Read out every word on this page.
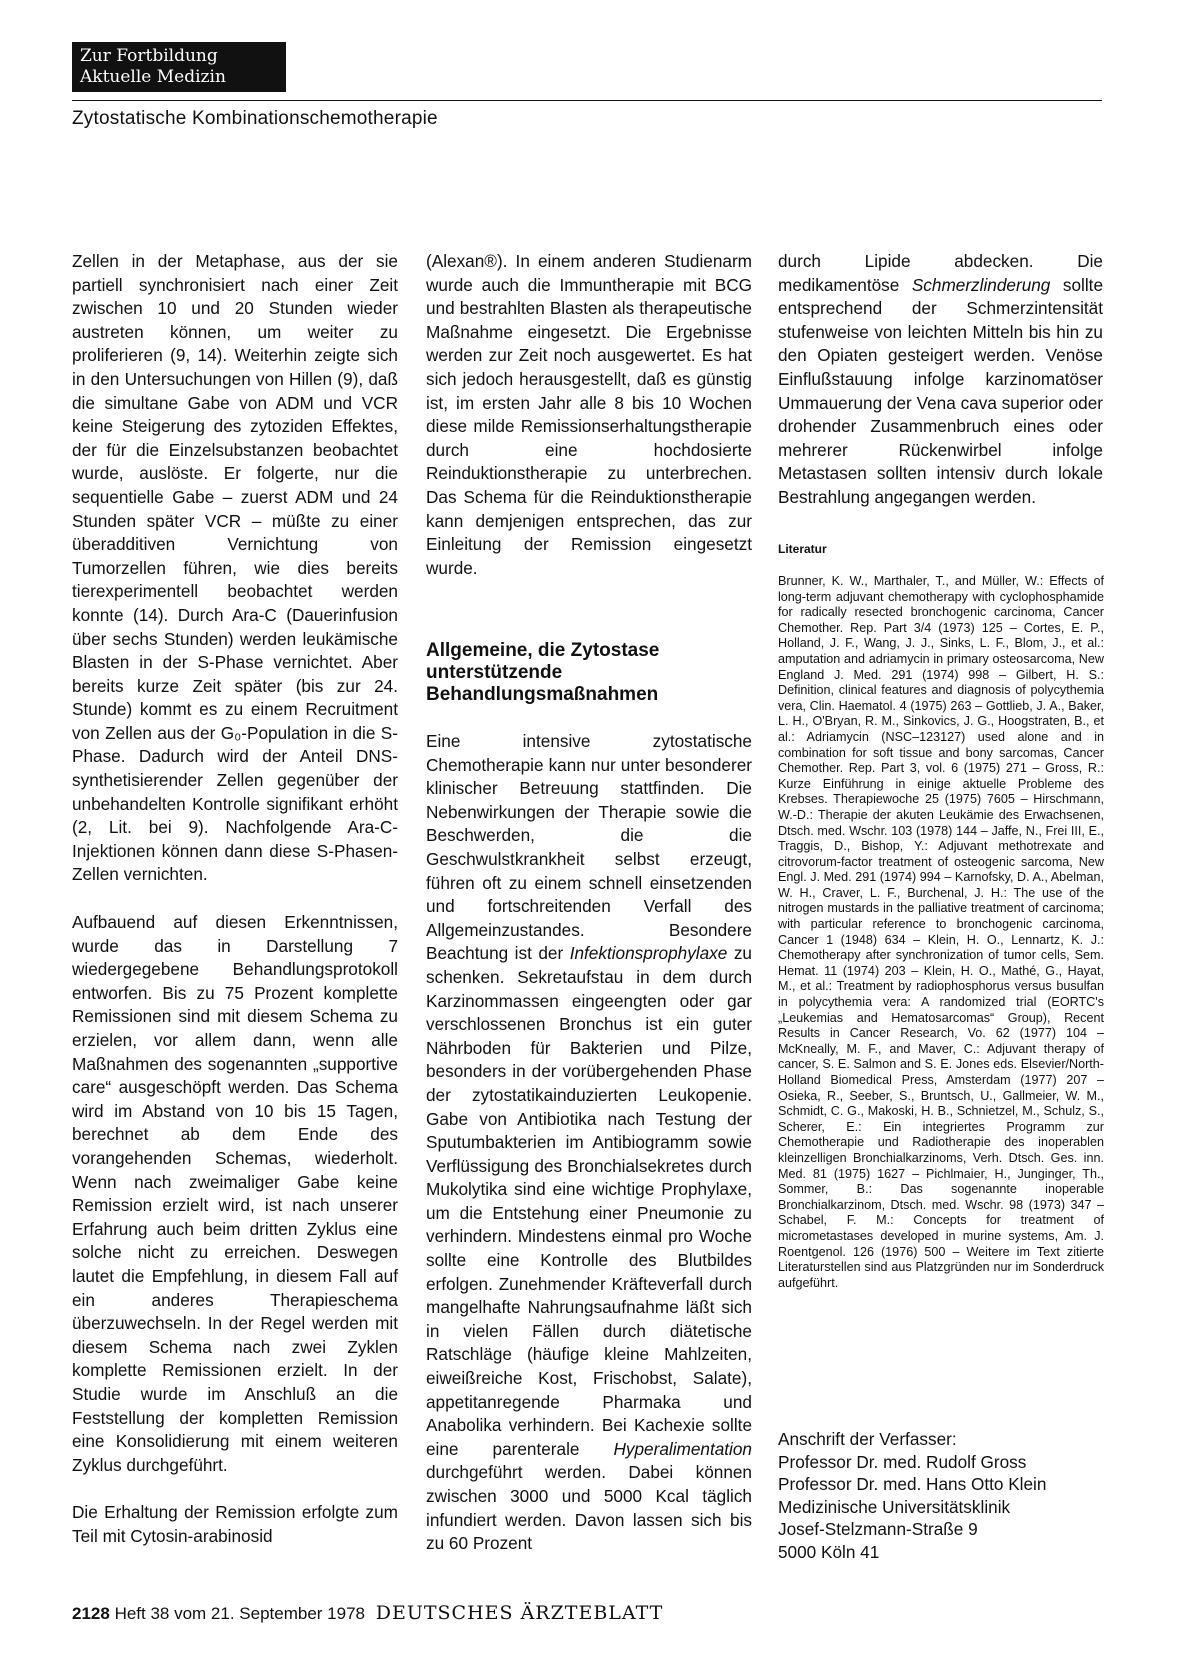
Zur Fortbildung
Aktuelle Medizin
Zytostatische Kombinationschemotherapie

Zellen in der Metaphase, aus der sie partiell synchronisiert nach einer Zeit zwischen 10 und 20 Stunden wieder austreten können, um weiter zu proliferieren (9, 14). Weiterhin zeigte sich in den Untersuchungen von Hillen (9), daß die simultane Gabe von ADM und VCR keine Steigerung des zytoziden Effektes, der für die Einzelsubstanzen beobachtet wurde, auslöste. Er folgerte, nur die sequentielle Gabe – zuerst ADM und 24 Stunden später VCR – müßte zu einer überadditiven Vernichtung von Tumorzellen führen, wie dies bereits tierexperimentell beobachtet werden konnte (14). Durch Ara-C (Dauerinfusion über sechs Stunden) werden leukämische Blasten in der S-Phase vernichtet. Aber bereits kurze Zeit später (bis zur 24. Stunde) kommt es zu einem Recruitment von Zellen aus der G₀-Population in die S-Phase. Dadurch wird der Anteil DNS-synthetisierender Zellen gegenüber der unbehandelten Kontrolle signifikant erhöht (2, Lit. bei 9). Nachfolgende Ara-C-Injektionen können dann diese S-Phasen-Zellen vernichten.

Aufbauend auf diesen Erkenntnissen, wurde das in Darstellung 7 wiedergegebene Behandlungsprotokoll entworfen. Bis zu 75 Prozent komplette Remissionen sind mit diesem Schema zu erzielen, vor allem dann, wenn alle Maßnahmen des sogenannten „supportive care“ ausgeschöpft werden. Das Schema wird im Abstand von 10 bis 15 Tagen, berechnet ab dem Ende des vorangehenden Schemas, wiederholt. Wenn nach zweimaliger Gabe keine Remission erzielt wird, ist nach unserer Erfahrung auch beim dritten Zyklus eine solche nicht zu erreichen. Deswegen lautet die Empfehlung, in diesem Fall auf ein anderes Therapieschema überzuwechseln. In der Regel werden mit diesem Schema nach zwei Zyklen komplette Remissionen erzielt. In der Studie wurde im Anschluß an die Feststellung der kompletten Remission eine Konsolidierung mit einem weiteren Zyklus durchgeführt.

Die Erhaltung der Remission erfolgte zum Teil mit Cytosin-arabinosid

(Alexan®). In einem anderen Studienarm wurde auch die Immuntherapie mit BCG und bestrahlten Blasten als therapeutische Maßnahme eingesetzt. Die Ergebnisse werden zur Zeit noch ausgewertet. Es hat sich jedoch herausgestellt, daß es günstig ist, im ersten Jahr alle 8 bis 10 Wochen diese milde Remissionserhaltungstherapie durch eine hochdosierte Reinduktionstherapie zu unterbrechen. Das Schema für die Reinduktionstherapie kann demjenigen entsprechen, das zur Einleitung der Remission eingesetzt wurde.

Allgemeine, die Zytostase unterstützende Behandlungsmaßnahmen
Eine intensive zytostatische Chemotherapie kann nur unter besonderer klinischer Betreuung stattfinden. Die Nebenwirkungen der Therapie sowie die Beschwerden, die die Geschwulstkrankheit selbst erzeugt, führen oft zu einem schnell einsetzenden und fortschreitenden Verfall des Allgemeinzustandes. Besondere Beachtung ist der Infektionsprophylaxe zu schenken. Sekretaufstau in dem durch Karzinommassen eingeengten oder gar verschlossenen Bronchus ist ein guter Nährboden für Bakterien und Pilze, besonders in der vorübergehenden Phase der zytostatikainduzierten Leukopenie. Gabe von Antibiotika nach Testung der Sputumbakterien im Antibiogramm sowie Verflüssigung des Bronchialsekretes durch Mukolytika sind eine wichtige Prophylaxe, um die Entstehung einer Pneumonie zu verhindern. Mindestens einmal pro Woche sollte eine Kontrolle des Blutbildes erfolgen. Zunehmender Kräfteverfall durch mangelhafte Nahrungsaufnahme läßt sich in vielen Fällen durch diätetische Ratschläge (häufige kleine Mahlzeiten, eiweißreiche Kost, Frischobst, Salate), appetitanregende Pharmaka und Anabolika verhindern. Bei Kachexie sollte eine parenterale Hyperalimentation durchgeführt werden. Dabei können zwischen 3000 und 5000 Kcal täglich infundiert werden. Davon lassen sich bis zu 60 Prozent

durch Lipide abdecken. Die medikamentöse Schmerzlinderung sollte entsprechend der Schmerzintensität stufenweise von leichten Mitteln bis hin zu den Opiaten gesteigert werden. Venöse Einflußstauung infolge karzinomatöser Ummauerung der Vena cava superior oder drohender Zusammenbruch eines oder mehrerer Rückenwirbel infolge Metastasen sollten intensiv durch lokale Bestrahlung angegangen werden.

Literatur
Brunner, K. W., Marthaler, T., and Müller, W.: Effects of long-term adjuvant chemotherapy with cyclophosphamide for radically resected bronchogenic carcinoma, Cancer Chemother. Rep. Part 3/4 (1973) 125 – Cortes, E. P., Holland, J. F., Wang, J. J., Sinks, L. F., Blom, J., et al.: amputation and adriamycin in primary osteosarcoma, New England J. Med. 291 (1974) 998 – Gilbert, H. S.: Definition, clinical features and diagnosis of polycythemia vera, Clin. Haematol. 4 (1975) 263 – Gottlieb, J. A., Baker, L. H., O'Bryan, R. M., Sinkovics, J. G., Hoogstraten, B., et al.: Adriamycin (NSC–123127) used alone and in combination for soft tissue and bony sarcomas, Cancer Chemother. Rep. Part 3, vol. 6 (1975) 271 – Gross, R.: Kurze Einführung in einige aktuelle Probleme des Krebses. Therapiewoche 25 (1975) 7605 – Hirschmann, W.-D.: Therapie der akuten Leukämie des Erwachsenen, Dtsch. med. Wschr. 103 (1978) 144 – Jaffe, N., Frei III, E., Traggis, D., Bishop, Y.: Adjuvant methotrexate and citrovorum-factor treatment of osteogenic sarcoma, New Engl. J. Med. 291 (1974) 994 – Karnofsky, D. A., Abelman, W. H., Craver, L. F., Burchenal, J. H.: The use of the nitrogen mustards in the palliative treatment of carcinoma; with particular reference to bronchogenic carcinoma, Cancer 1 (1948) 634 – Klein, H. O., Lennartz, K. J.: Chemotherapy after synchronization of tumor cells, Sem. Hemat. 11 (1974) 203 – Klein, H. O., Mathé, G., Hayat, M., et al.: Treatment by radiophosphorus versus busulfan in polycythemia vera: A randomized trial (EORTC's „Leukemias and Hematosarcomas“ Group), Recent Results in Cancer Research, Vo. 62 (1977) 104 – McKneally, M. F., and Maver, C.: Adjuvant therapy of cancer, S. E. Salmon and S. E. Jones eds. Elsevier/North-Holland Biomedical Press, Amsterdam (1977) 207 – Osieka, R., Seeber, S., Bruntsch, U., Gallmeier, W. M., Schmidt, C. G., Makoski, H. B., Schnietzel, M., Schulz, S., Scherer, E.: Ein integriertes Programm zur Chemotherapie und Radiotherapie des inoperablen kleinzelligen Bronchialkarzinoms, Verh. Dtsch. Ges. inn. Med. 81 (1975) 1627 – Pichlmaier, H., Junginger, Th., Sommer, B.: Das sogenannte inoperable Bronchialkarzinom, Dtsch. med. Wschr. 98 (1973) 347 – Schabel, F. M.: Concepts for treatment of micrometastases developed in murine systems, Am. J. Roentgenol. 126 (1976) 500 – Weitere im Text zitierte Literaturstellen sind aus Platzgründen nur im Sonderdruck aufgeführt.
Anschrift der Verfasser:
Professor Dr. med. Rudolf Gross
Professor Dr. med. Hans Otto Klein
Medizinische Universitätsklinik
Josef-Stelzmann-Straße 9
5000 Köln 41
2128 Heft 38 vom 21. September 1978 DEUTSCHES ÄRZTEBLATT
